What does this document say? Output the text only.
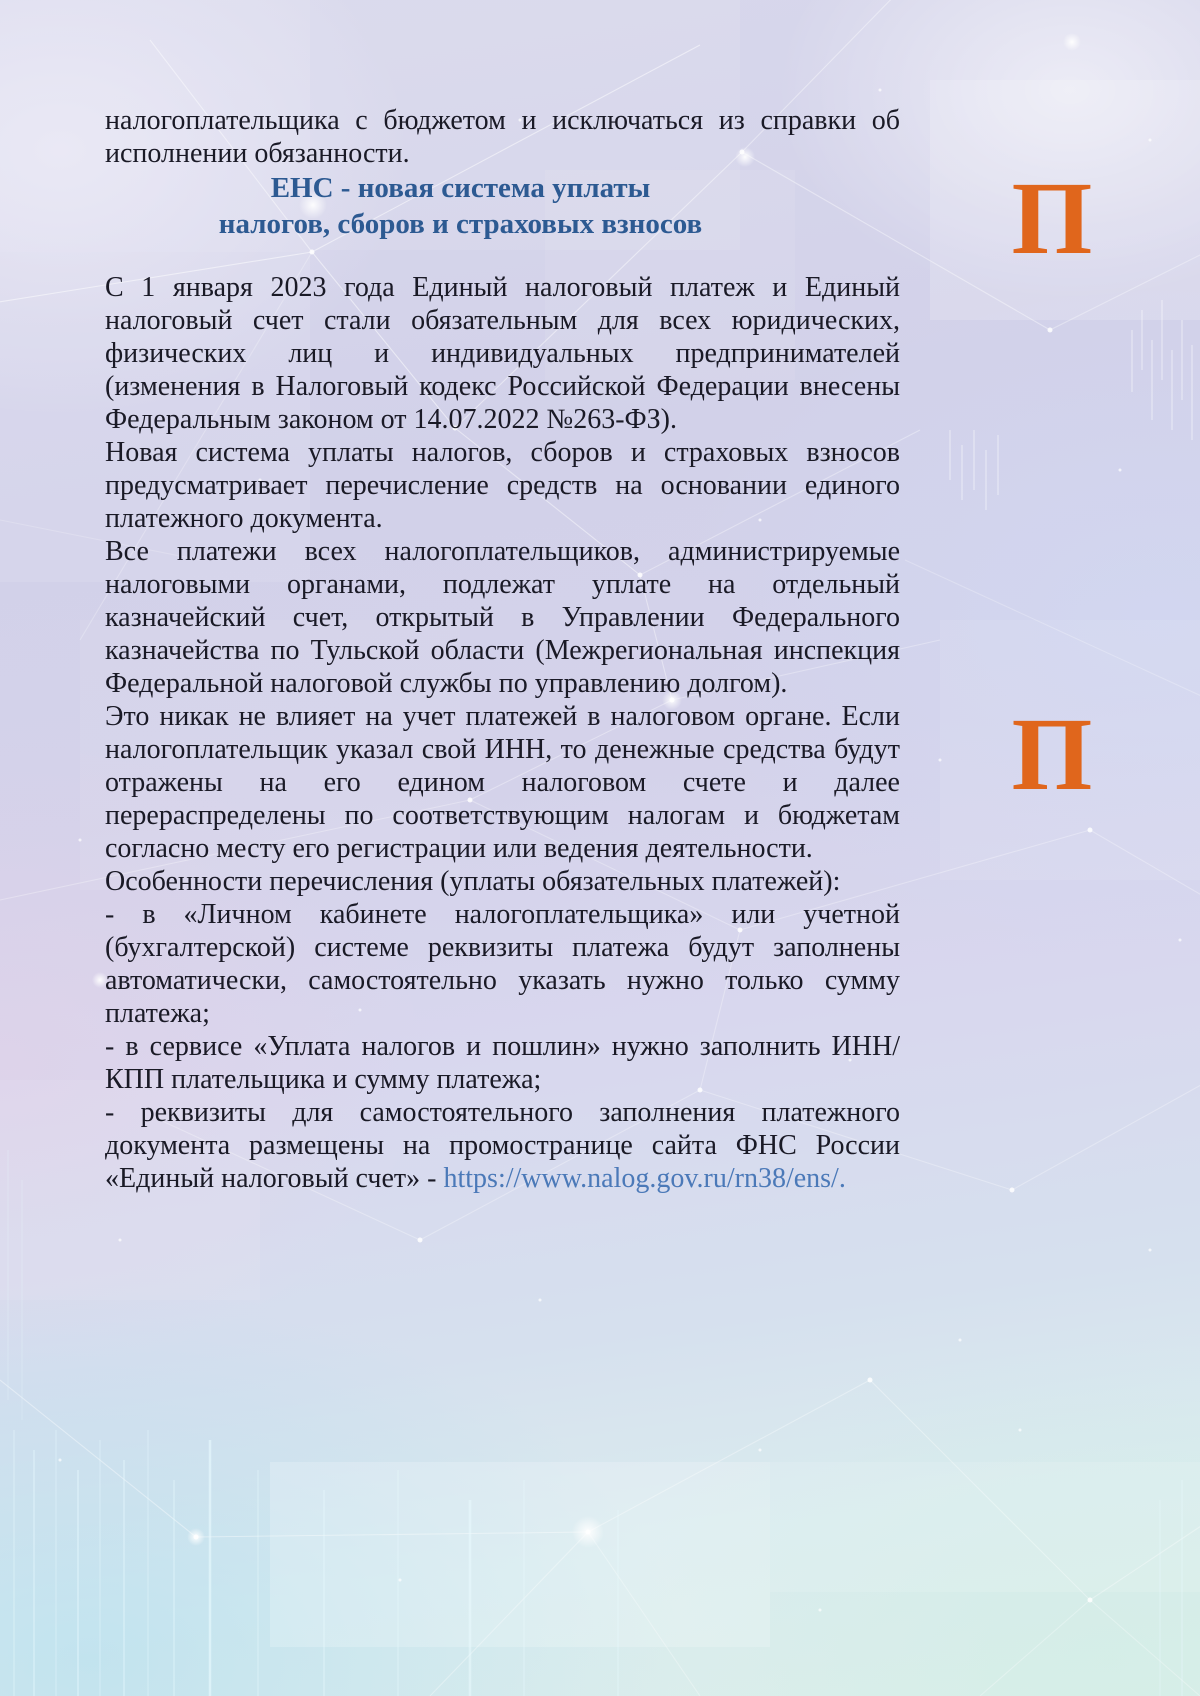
П
П

налогоплательщика с бюджетом и исключаться из справки об исполнении обязанности.

ЕНС - новая система уплаты
налогов, сборов и страховых взносов

С 1 января 2023 года Единый налоговый платеж и Единый налоговый счет стали обязательным для всех юридических, физических лиц и индивидуальных предпринимателей (изменения в Налоговый кодекс Российской Федерации внесены Федеральным законом от 14.07.2022 №263-ФЗ).

Новая система уплаты налогов, сборов и страховых взносов предусматривает перечисление средств на основании единого платежного документа.

Все платежи всех налогоплательщиков, администрируемые налоговыми органами, подлежат уплате на отдельный казначейский счет, открытый в Управлении Федерального казначейства по Тульской области (Межрегиональная инспекция Федеральной налоговой службы по управлению долгом).

Это никак не влияет на учет платежей в налоговом органе. Если налогоплательщик указал свой ИНН, то денежные средства будут отражены на его едином налоговом счете и далее перераспределены по соответствующим налогам и бюджетам согласно месту его регистрации или ведения деятельности.

Особенности перечисления (уплаты обязательных платежей):

- в «Личном кабинете налогоплательщика» или учетной (бухгалтерской) системе реквизиты платежа будут заполнены автоматически, самостоятельно указать нужно только сумму платежа;

- в сервисе «Уплата налогов и пошлин» нужно заполнить ИНН/КПП плательщика и сумму платежа;

- реквизиты для самостоятельного заполнения платежного документа размещены на промостранице сайта ФНС России «Единый налоговый счет» - https://www.nalog.gov.ru/rn38/ens/.
